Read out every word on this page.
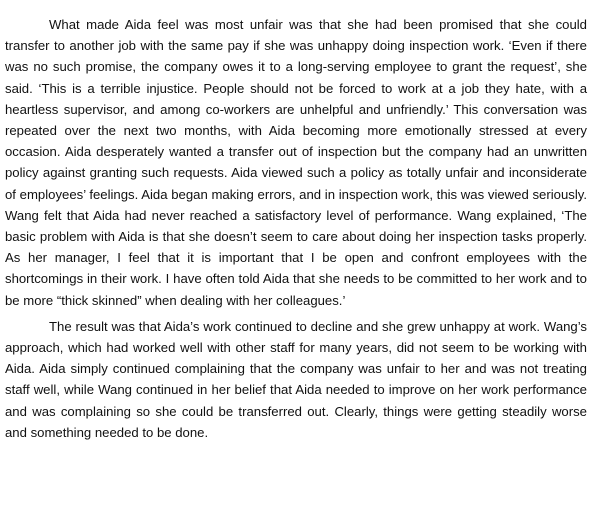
What made Aida feel was most unfair was that she had been promised that she could transfer to another job with the same pay if she was unhappy doing inspection work. ‘Even if there was no such promise, the company owes it to a long-serving employee to grant the request’, she said. ‘This is a terrible injustice. People should not be forced to work at a job they hate, with a heartless supervisor, and among co-workers are unhelpful and unfriendly.’ This conversation was repeated over the next two months, with Aida becoming more emotionally stressed at every occasion. Aida desperately wanted a transfer out of inspection but the company had an unwritten policy against granting such requests. Aida viewed such a policy as totally unfair and inconsiderate of employees’ feelings. Aida began making errors, and in inspection work, this was viewed seriously. Wang felt that Aida had never reached a satisfactory level of performance. Wang explained, ‘The basic problem with Aida is that she doesn’t seem to care about doing her inspection tasks properly. As her manager, I feel that it is important that I be open and confront employees with the shortcomings in their work. I have often told Aida that she needs to be committed to her work and to be more “thick skinned” when dealing with her colleagues.’

The result was that Aida’s work continued to decline and she grew unhappy at work. Wang’s approach, which had worked well with other staff for many years, did not seem to be working with Aida. Aida simply continued complaining that the company was unfair to her and was not treating staff well, while Wang continued in her belief that Aida needed to improve on her work performance and was complaining so she could be transferred out. Clearly, things were getting steadily worse and something needed to be done.
